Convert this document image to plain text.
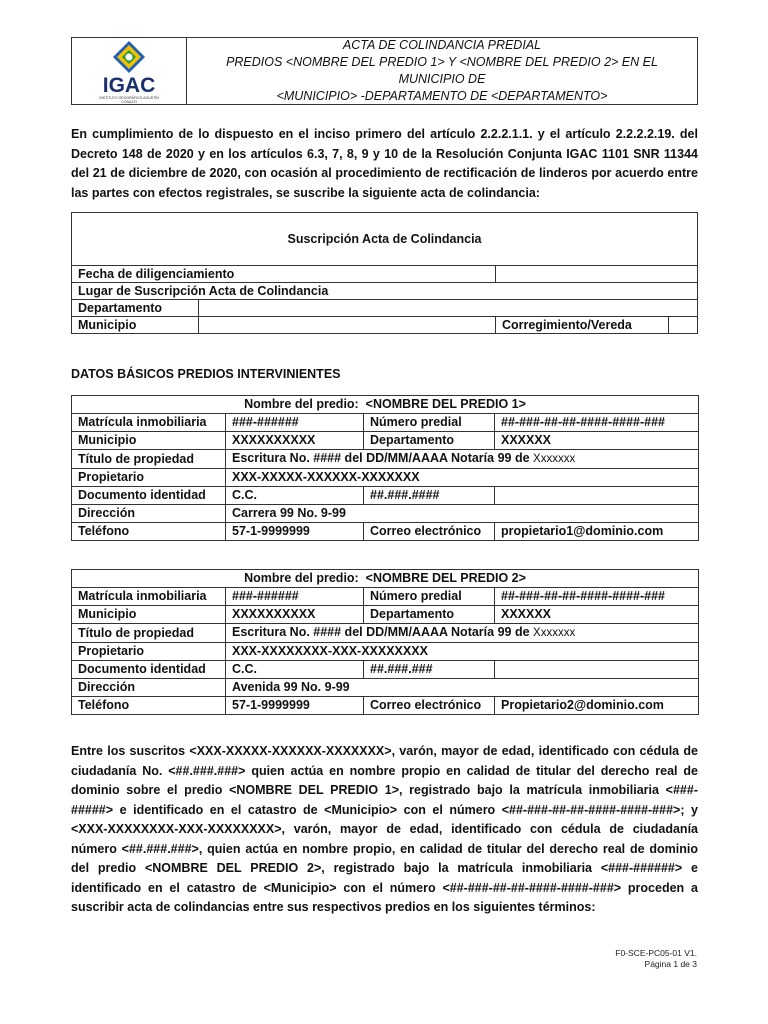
IGAC
INSTITUTO GEOGRÁFICO AGUSTÍN CODAZZI
ACTA DE COLINDANCIA PREDIAL
PREDIOS <NOMBRE DEL PREDIO 1> Y <NOMBRE DEL PREDIO 2> EN EL MUNICIPIO DE
<MUNICIPIO> -DEPARTAMENTO DE <DEPARTAMENTO>
En cumplimiento de lo dispuesto en el inciso primero del artículo 2.2.2.1.1. y el artículo 2.2.2.2.19. del Decreto 148 de 2020 y en los artículos 6.3, 7, 8, 9 y 10 de la Resolución Conjunta IGAC 1101 SNR 11344 del 21 de diciembre de 2020, con ocasión al procedimiento de rectificación de linderos por acuerdo entre las partes con efectos registrales, se suscribe la siguiente acta de colindancia:
Suscripción Acta de Colindancia			
Fecha de diligenciamiento			
Lugar de Suscripción Acta de Colindancia			
Departamento			
Municipio		Corregimiento/Vereda	
DATOS BÁSICOS PREDIOS INTERVINIENTES
Nombre del predio: <NOMBRE DEL PREDIO 1>			
Matrícula inmobiliaria	###-######	Número predial	##-###-##-##-####-####-###
Municipio	XXXXXXXXXX	Departamento	XXXXXX
Título de propiedad	Escritura No. #### del DD/MM/AAAA Notaría 99 de Xxxxxxx		
Propietario	XXX-XXXXX-XXXXXX-XXXXXXX		
Documento identidad	C.C.	##.###.####	
Dirección	Carrera 99 No. 9-99		
Teléfono	57-1-9999999	Correo electrónico	propietario1@dominio.com
Nombre del predio: <NOMBRE DEL PREDIO 2>			
Matrícula inmobiliaria	###-######	Número predial	##-###-##-##-####-####-###
Municipio	XXXXXXXXXX	Departamento	XXXXXX
Título de propiedad	Escritura No. #### del DD/MM/AAAA Notaría 99 de Xxxxxxx		
Propietario	XXX-XXXXXXXX-XXX-XXXXXXXX		
Documento identidad	C.C.	##.###.###	
Dirección	Avenida 99 No. 9-99		
Teléfono	57-1-9999999	Correo electrónico	Propietario2@dominio.com
Entre los suscritos <XXX-XXXXX-XXXXXX-XXXXXXX>, varón, mayor de edad, identificado con cédula de ciudadanía No. <##.###.###> quien actúa en nombre propio en calidad de titular del derecho real de dominio sobre el predio <NOMBRE DEL PREDIO 1>, registrado bajo la matrícula inmobiliaria <###-#####> e identificado en el catastro de <Municipio> con el número <##-###-##-##-####-####-###>; y <XXX-XXXXXXXX-XXX-XXXXXXXX>, varón, mayor de edad, identificado con cédula de ciudadanía número <##.###.###>, quien actúa en nombre propio, en calidad de titular del derecho real de dominio del predio <NOMBRE DEL PREDIO 2>, registrado bajo la matrícula inmobiliaria <###-######> e identificado en el catastro de <Municipio> con el número <##-###-##-##-####-####-###> proceden a suscribir acta de colindancias entre sus respectivos predios en los siguientes términos:
F0-SCE-PC05-01 V1.
Página 1 de 3
